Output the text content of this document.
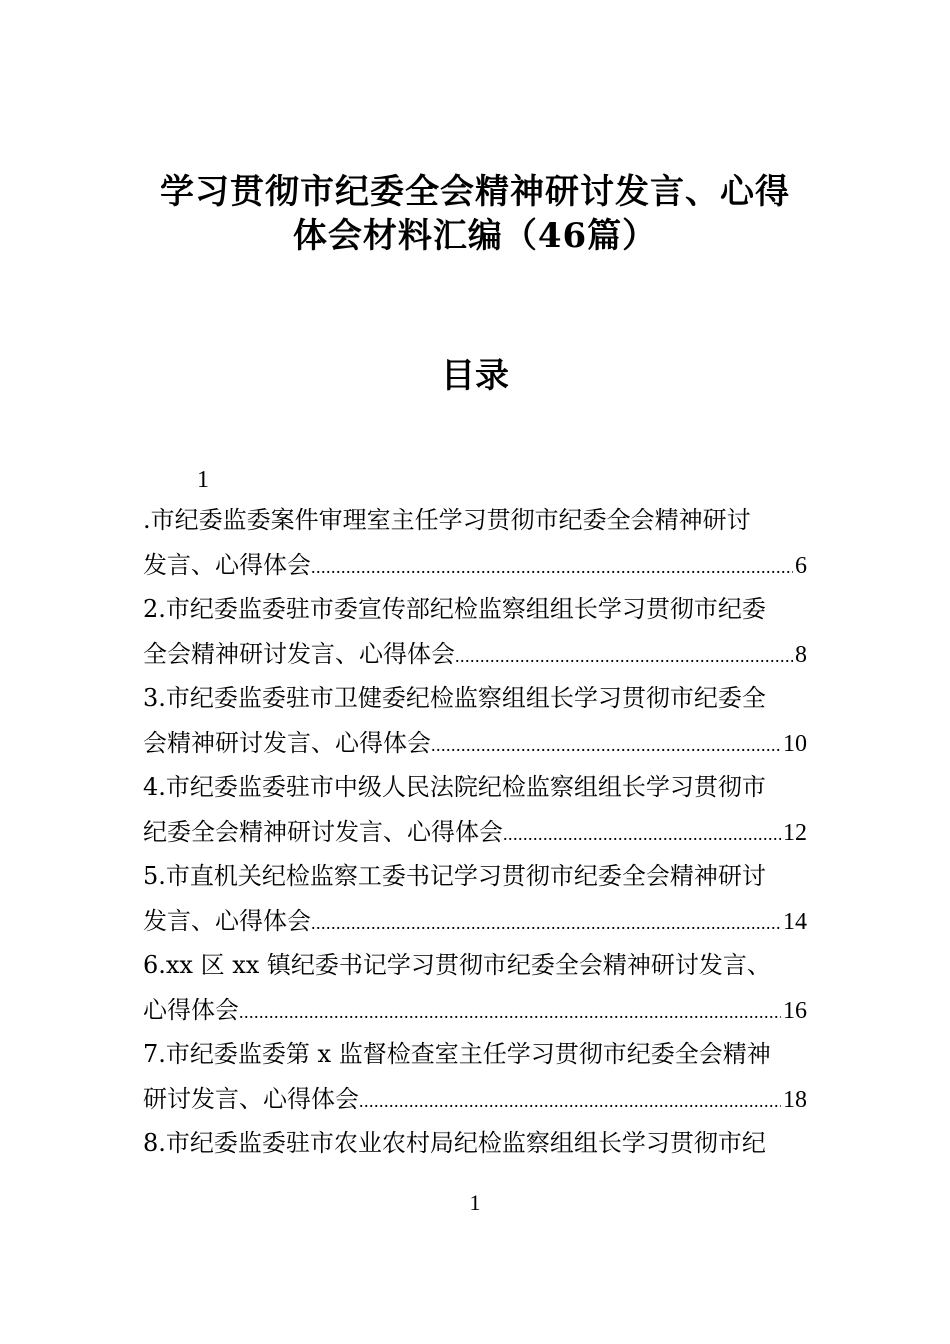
学习贯彻市纪委全会精神研讨发言、心得
体会材料汇编（46篇）
目录
1
.市纪委监委案件审理室主任学习贯彻市纪委全会精神研讨
发言、心得体会 .....	6
2.市纪委监委驻市委宣传部纪检监察组组长学习贯彻市纪委
全会精神研讨发言、心得体会 .....	8
3.市纪委监委驻市卫健委纪检监察组组长学习贯彻市纪委全
会精神研讨发言、心得体会 .....	10
4.市纪委监委驻市中级人民法院纪检监察组组长学习贯彻市
纪委全会精神研讨发言、心得体会 .....	12
5.市直机关纪检监察工委书记学习贯彻市纪委全会精神研讨
发言、心得体会 .....	14
6.xx 区 xx 镇纪委书记学习贯彻市纪委全会精神研讨发言、
心得体会 .....	16
7.市纪委监委第 x 监督检查室主任学习贯彻市纪委全会精神
研讨发言、心得体会 .....	18
8.市纪委监委驻市农业农村局纪检监察组组长学习贯彻市纪
1
